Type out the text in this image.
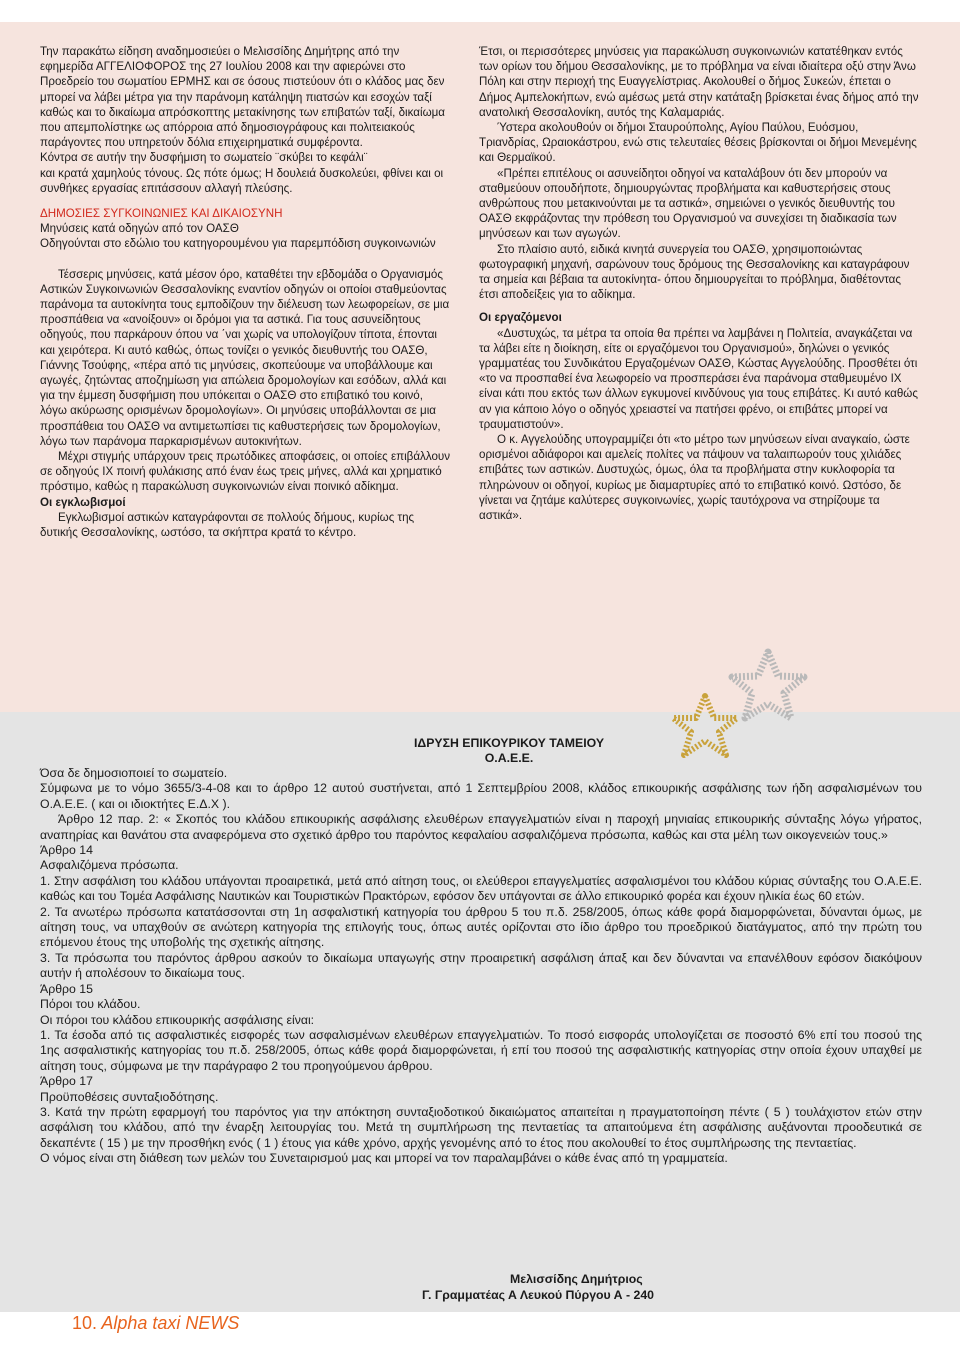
Την παρακάτω είδηση αναδημοσιεύει ο Μελισσίδης Δημήτρης από την εφημερίδα ΑΓΓΕΛΙΟΦΟΡΟΣ της 27 Ιουλίου 2008 και την αφιερώνει στο Προεδρείο του σωματίου ΕΡΜΗΣ και σε όσους πιστεύουν ότι ο κλάδος μας δεν μπορεί να λάβει μέτρα για την παράνομη κατάληψη πιατσών και εσοχών ταξί καθώς και το δικαίωμα απρόσκοπτης μετακίνησης των επιβατών ταξί, δικαίωμα που απεμπολίστηκε ως απόρροια από δημοσιογράφους και πολιτειακούς παράγοντες που υπηρετούν δόλια επιχειρηματικά συμφέροντα.

Κόντρα σε αυτήν την δυσφήμιση το σωματείο ¨σκύβει το κεφάλι¨

και κρατά χαμηλούς τόνους. Ως πότε όμως; Η δουλειά δυσκολεύει, φθίνει και οι συνθήκες εργασίας επιτάσσουν αλλαγή πλεύσης.

ΔΗΜΟΣΙΕΣ ΣΥΓΚΟΙΝΩΝΙΕΣ ΚΑΙ ΔΙΚΑΙΟΣΥΝΗ

Μηνύσεις κατά οδηγών από τον ΟΑΣΘ

Οδηγούνται στο εδώλιο του κατηγορουμένου για παρεμπόδιση συγκοινωνιών

Τέσσερις μηνύσεις, κατά μέσον όρο, καταθέτει την εβδομάδα ο Οργανισμός Αστικών Συγκοινωνιών Θεσσαλονίκης εναντίον οδηγών οι οποίοι σταθμεύοντας παράνομα τα αυτοκίνητα τους εμποδίζουν την διέλευση των λεωφορείων, σε μια προσπάθεια να «ανοίξουν» οι δρόμοι για τα αστικά. Για τους ασυνείδητους οδηγούς, που παρκάρουν όπου να ΄ναι χωρίς να υπολογίζουν τίποτα, έπονται και χειρότερα. Κι αυτό καθώς, όπως τονίζει ο γενικός διευθυντής του ΟΑΣΘ, Γιάννης Τσούφης, «πέρα από τις μηνύσεις, σκοπεύουμε να υποβάλλουμε και αγωγές, ζητώντας αποζημίωση για απώλεια δρομολογίων και εσόδων, αλλά και για την έμμεση δυσφήμιση που υπόκειται ο ΟΑΣΘ στο επιβατικό του κοινό, λόγω ακύρωσης ορισμένων δρομολογίων». Οι μηνύσεις υποβάλλονται σε μια προσπάθεια του ΟΑΣΘ να αντιμετωπίσει τις καθυστερήσεις των δρομολογίων, λόγω των παράνομα παρκαρισμένων αυτοκινήτων.

Μέχρι στιγμής υπάρχουν τρεις πρωτόδικες αποφάσεις, οι οποίες επιβάλλουν σε οδηγούς ΙΧ ποινή φυλάκισης από έναν έως τρεις μήνες, αλλά και χρηματικό πρόστιμο, καθώς η παρακώλυση συγκοινωνιών είναι ποινικό αδίκημα.

Οι εγκλωβισμοί

Εγκλωβισμοί αστικών καταγράφονται σε πολλούς δήμους, κυρίως της δυτικής Θεσσαλονίκης, ωστόσο, τα σκήπτρα κρατά το κέντρο.

Έτσι, οι περισσότερες μηνύσεις για παρακώλυση συγκοινωνιών κατατέθηκαν εντός των ορίων του δήμου Θεσσαλονίκης, με το πρόβλημα να είναι ιδιαίτερα οξύ στην Άνω Πόλη και στην περιοχή της Ευαγγελίστριας. Ακολουθεί ο δήμος Συκεών, έπεται ο Δήμος Αμπελοκήπων, ενώ αμέσως μετά στην κατάταξη βρίσκεται ένας δήμος από την ανατολική Θεσσαλονίκη, αυτός της Καλαμαριάς.

Ύστερα ακολουθούν οι δήμοι Σταυρούπολης, Αγίου Παύλου, Ευόσμου, Τριανδρίας, Ωραιοκάστρου, ενώ στις τελευταίες θέσεις βρίσκονται οι δήμοι Μενεμένης και Θερμαϊκού.

«Πρέπει επιτέλους οι ασυνείδητοι οδηγοί να καταλάβουν ότι δεν μπορούν να σταθμεύουν οπουδήποτε, δημιουργώντας προβλήματα και καθυστερήσεις στους ανθρώπους που μετακινούνται με τα αστικά», σημειώνει ο γενικός διευθυντής του ΟΑΣΘ εκφράζοντας την πρόθεση του Οργανισμού να συνεχίσει τη διαδικασία των μηνύσεων και των αγωγών.

Στο πλαίσιο αυτό, ειδικά κινητά συνεργεία του ΟΑΣΘ, χρησιμοποιώντας φωτογραφική μηχανή, σαρώνουν τους δρόμους της Θεσσαλονίκης και καταγράφουν τα σημεία και βέβαια τα αυτοκίνητα- όπου δημιουργείται το πρόβλημα, διαθέτοντας έτσι αποδείξεις για το αδίκημα.

Οι εργαζόμενοι

«Δυστυχώς, τα μέτρα τα οποία θα πρέπει να λαμβάνει η Πολιτεία, αναγκάζεται να τα λάβει είτε η διοίκηση, είτε οι εργαζόμενοι του Οργανισμού», δηλώνει ο γενικός γραμματέας του Συνδικάτου Εργαζομένων ΟΑΣΘ, Κώστας Αγγελούδης. Προσθέτει ότι «το να προσπαθεί ένα λεωφορείο να προσπεράσει ένα παράνομα σταθμευμένο ΙΧ είναι κάτι που εκτός των άλλων εγκυμονεί κινδύνους για τους επιβάτες. Κι αυτό καθώς αν για κάποιο λόγο ο οδηγός χρειαστεί να πατήσει φρένο, οι επιβάτες μπορεί να τραυματιστούν».

Ο κ. Αγγελούδης υπογραμμίζει ότι «το μέτρο των μηνύσεων είναι αναγκαίο, ώστε ορισμένοι αδιάφοροι και αμελείς πολίτες να πάψουν να ταλαιπωρούν τους χιλιάδες επιβάτες των αστικών. Δυστυχώς, όμως, όλα τα προβλήματα στην κυκλοφορία τα πληρώνουν οι οδηγοί, κυρίως με διαμαρτυρίες από το επιβατικό κοινό. Ωστόσο, δε γίνεται να ζητάμε καλύτερες συγκοινωνίες, χωρίς ταυτόχρονα να στηρίζουμε τα αστικά».

ΙΔΡΥΣΗ ΕΠΙΚΟΥΡΙΚΟΥ ΤΑΜΕΙΟΥ

Ο.Α.Ε.Ε.

Όσα δε δημοσιοποιεί το σωματείο.

Σύμφωνα με το νόμο 3655/3-4-08 και το άρθρο 12 αυτού συστήνεται, από 1 Σεπτεμβρίου 2008, κλάδος επικουρικής ασφάλισης των ήδη ασφαλισμένων του Ο.Α.Ε.Ε. ( και οι ιδιοκτήτες Ε.Δ.Χ ).

Άρθρο 12 παρ. 2: « Σκοπός του κλάδου επικουρικής ασφάλισης ελευθέρων επαγγελματιών είναι η παροχή μηνιαίας επικουρικής σύνταξης λόγω γήρατος, αναπηρίας και θανάτου στα αναφερόμενα στο σχετικό άρθρο του παρόντος κεφαλαίου ασφαλιζόμενα πρόσωπα, καθώς και στα μέλη των οικογενειών τους.»

Άρθρο 14

Ασφαλιζόμενα πρόσωπα.

1. Στην ασφάλιση του κλάδου υπάγονται προαιρετικά, μετά από αίτηση τους, οι ελεύθεροι επαγγελματίες ασφαλισμένοι του κλάδου κύριας σύνταξης του Ο.Α.Ε.Ε. καθώς και του Τομέα Ασφάλισης Ναυτικών και Τουριστικών Πρακτόρων, εφόσον δεν υπάγονται σε άλλο επικουρικό φορέα και έχουν ηλικία έως 60 ετών.

2. Τα ανωτέρω πρόσωπα κατατάσσονται στη 1η ασφαλιστική κατηγορία του άρθρου 5 του π.δ. 258/2005, όπως κάθε φορά διαμορφώνεται, δύνανται όμως, με αίτηση τους, να υπαχθούν σε ανώτερη κατηγορία της επιλογής τους, όπως αυτές ορίζονται στο ίδιο άρθρο του προεδρικού διατάγματος, από την πρώτη του επόμενου έτους της υποβολής της σχετικής αίτησης.

3. Τα πρόσωπα του παρόντος άρθρου ασκούν το δικαίωμα υπαγωγής στην προαιρετική ασφάλιση άπαξ και δεν δύνανται να επανέλθουν εφόσον διακόψουν αυτήν ή απολέσουν το δικαίωμα τους.

Άρθρο 15

Πόροι του κλάδου.

Οι πόροι του κλάδου επικουρικής ασφάλισης είναι:

1. Τα έσοδα από τις ασφαλιστικές εισφορές των ασφαλισμένων ελευθέρων επαγγελματιών. Το ποσό εισφοράς υπολογίζεται σε ποσοστό 6% επί του ποσού της 1ης ασφαλιστικής κατηγορίας του π.δ. 258/2005, όπως κάθε φορά διαμορφώνεται, ή επί του ποσού της ασφαλιστικής κατηγορίας στην οποία έχουν υπαχθεί με αίτηση τους, σύμφωνα με την παράγραφο 2 του προηγούμενου άρθρου.

Άρθρο 17

Προϋποθέσεις συνταξιοδότησης.

3. Κατά την πρώτη εφαρμογή του παρόντος για την απόκτηση συνταξιοδοτικού δικαιώματος απαιτείται η πραγματοποίηση πέντε ( 5 ) τουλάχιστον ετών στην ασφάλιση του κλάδου, από την έναρξη λειτουργίας του. Μετά τη συμπλήρωση της πενταετίας τα απαιτούμενα έτη ασφάλισης αυξάνονται προοδευτικά σε δεκαπέντε ( 15 ) με την προσθήκη ενός ( 1 ) έτους για κάθε χρόνο, αρχής γενομένης από το έτος που ακολουθεί το έτος συμπλήρωσης της πενταετίας.

Ο νόμος είναι στη διάθεση των μελών του Συνεταιρισμού μας και μπορεί να τον παραλαμβάνει ο κάθε ένας από τη γραμματεία.

Μελισσίδης Δημήτριος
Γ. Γραμματέας Α Λευκού Πύργου Α - 240
10. Alpha taxi NEWS
